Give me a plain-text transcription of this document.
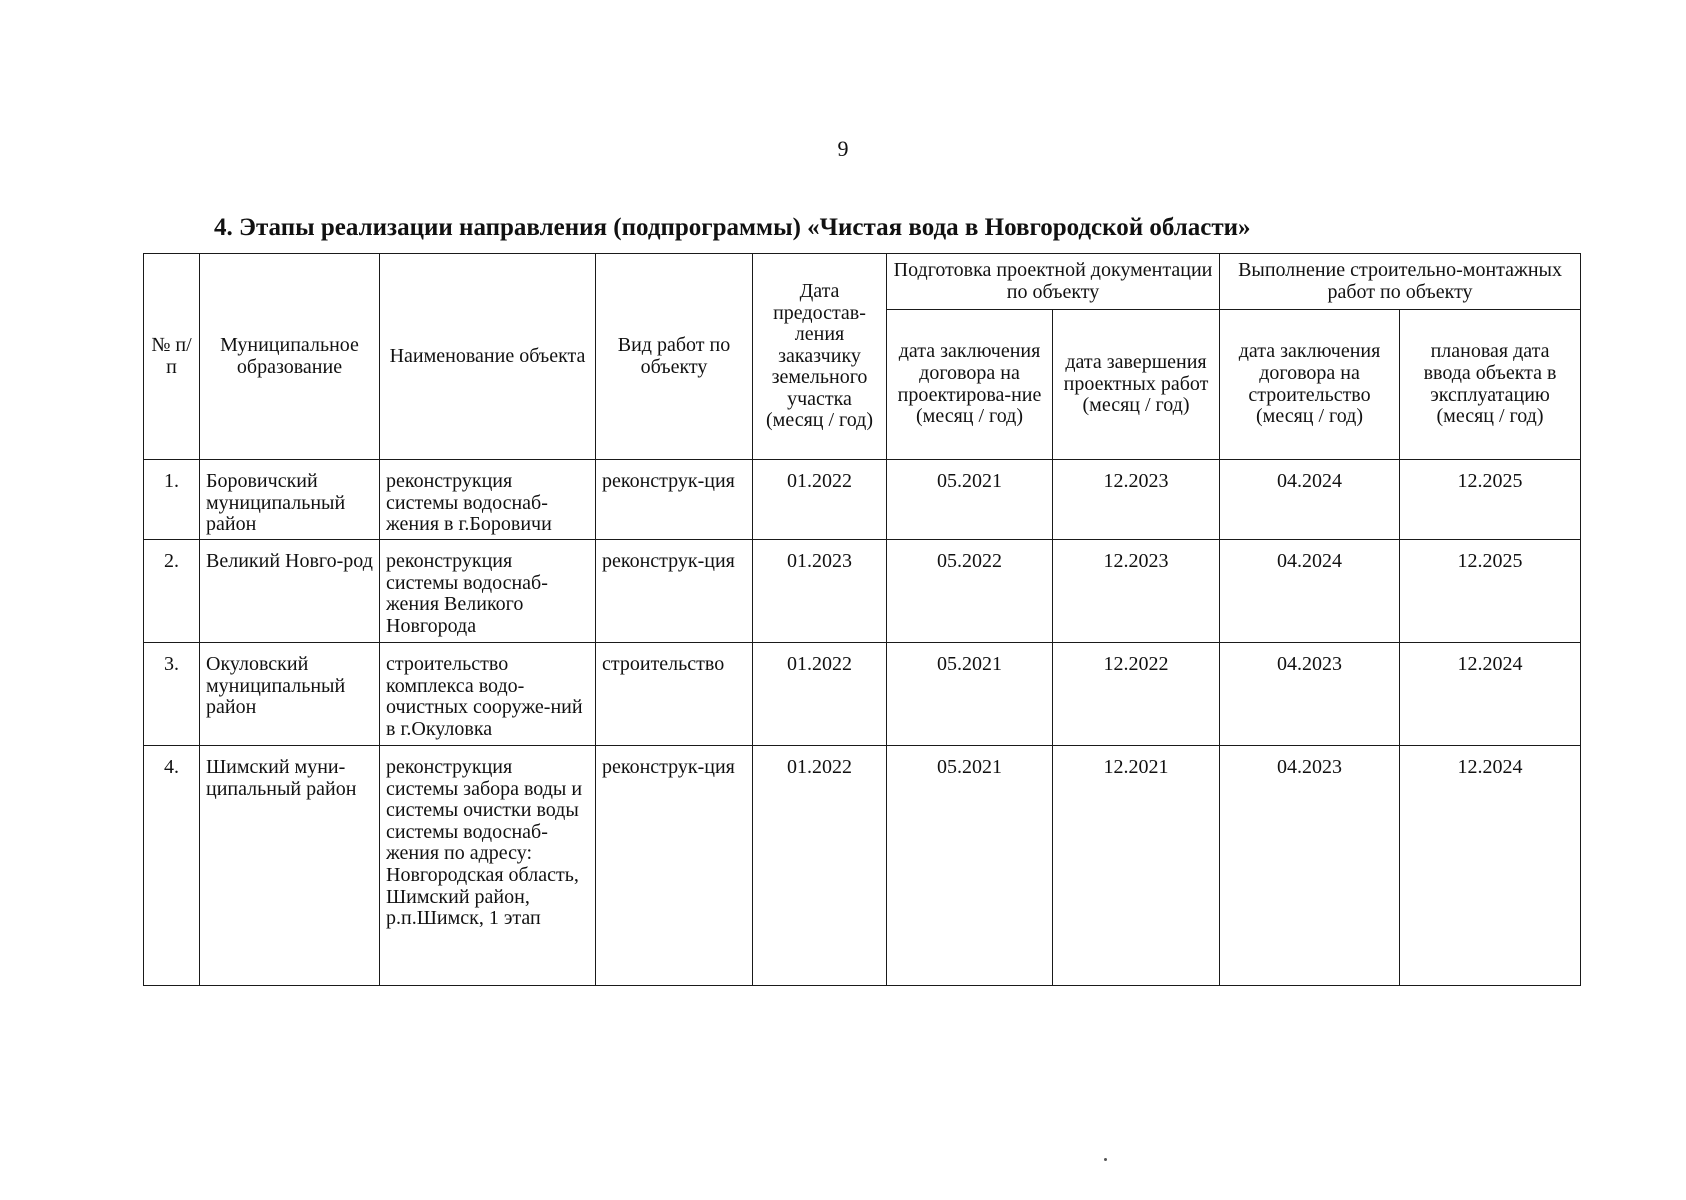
9
4. Этапы реализации направления (подпрограммы) «Чистая вода в Новгородской области»
№ п/п	Муниципальное образование	Наименование объекта	Вид работ по объекту	Дата предостав-ления заказчику земельного участка (месяц / год)	Подготовка проектной документации по объекту		Выполнение строительно-монтажных работ по объекту	
					дата заключения договора на проектирова-ние (месяц / год)	дата завершения проектных работ (месяц / год)	дата заключения договора на строительство (месяц / год)	плановая дата ввода объекта в эксплуатацию (месяц / год)
1.	Боровичский муниципальный район	реконструкция системы водоснаб-жения в г.Боровичи	реконструк-ция	01.2022	05.2021	12.2023	04.2024	12.2025
2.	Великий Новго-род	реконструкция системы водоснаб-жения Великого Новгорода	реконструк-ция	01.2023	05.2022	12.2023	04.2024	12.2025
3.	Окуловский муниципальный район	строительство комплекса водо-очистных сооруже-ний в г.Окуловка	строительство	01.2022	05.2021	12.2022	04.2023	12.2024
4.	Шимский муни-ципальный район	реконструкция системы забора воды и системы очистки воды системы водоснаб-жения по адресу: Новгородская область, Шимский район, р.п.Шимск, 1 этап	реконструк-ция	01.2022	05.2021	12.2021	04.2023	12.2024
